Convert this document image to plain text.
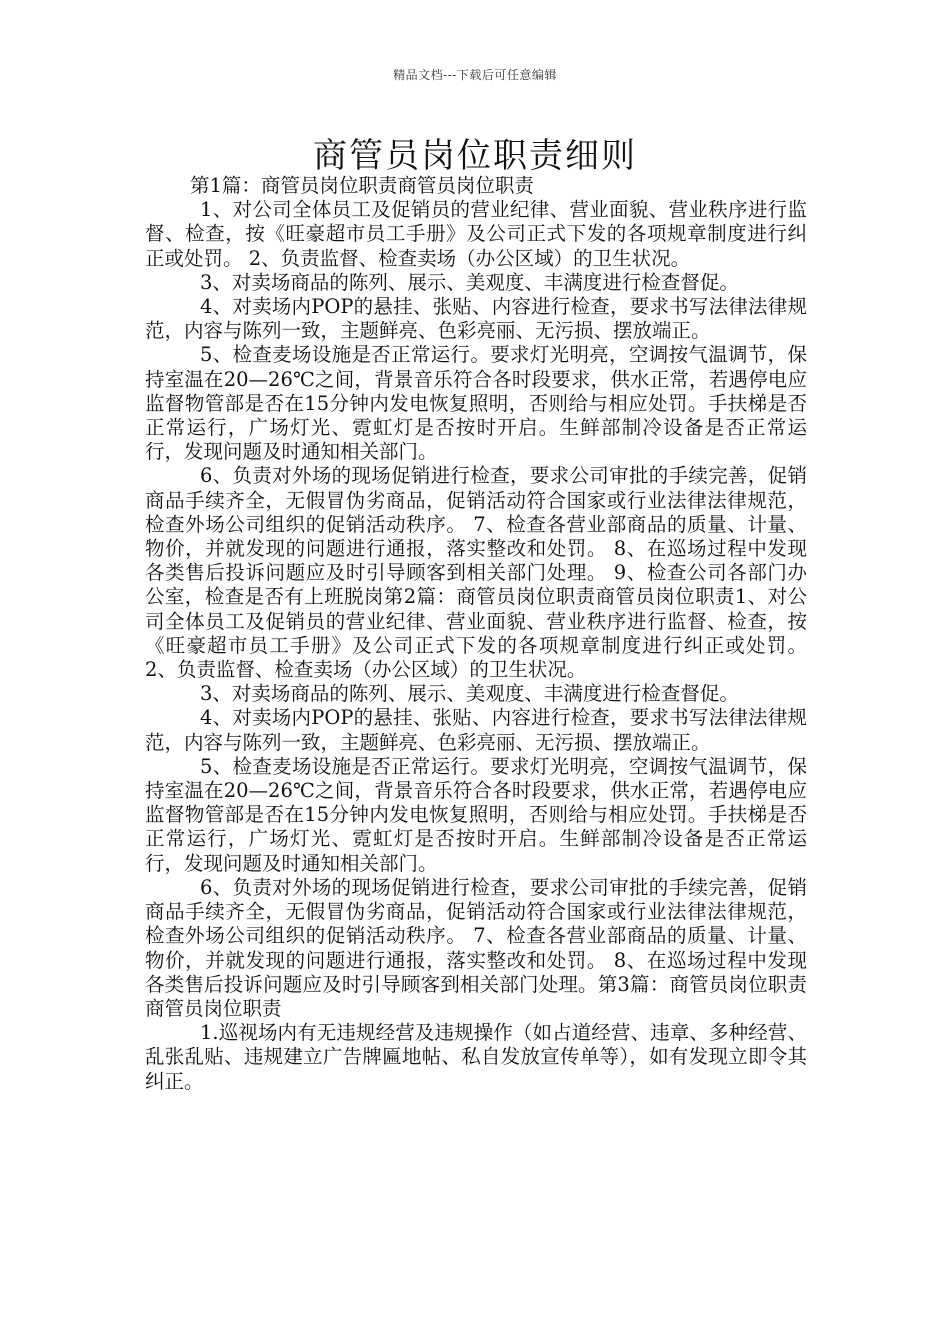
精品文档---下载后可任意编辑
商管员岗位职责细则

第1篇：商管员岗位职责商管员岗位职责

1、对公司全体员工及促销员的营业纪律、营业面貌、营业秩序进行监督、检查，按《旺豪超市员工手册》及公司正式下发的各项规章制度进行纠正或处罚。 2、负责监督、检查卖场（办公区域）的卫生状况。

3、对卖场商品的陈列、展示、美观度、丰满度进行检查督促。

4、对卖场内POP的悬挂、张贴、内容进行检查，要求书写法律法律规范，内容与陈列一致，主题鲜亮、色彩亮丽、无污损、摆放端正。

5、检查麦场设施是否正常运行。要求灯光明亮，空调按气温调节，保持室温在20—26℃之间，背景音乐符合各时段要求，供水正常，若遇停电应监督物管部是否在15分钟内发电恢复照明，否则给与相应处罚。手扶梯是否正常运行，广场灯光、霓虹灯是否按时开启。生鲜部制冷设备是否正常运行，发现问题及时通知相关部门。

6、负责对外场的现场促销进行检查，要求公司审批的手续完善，促销商品手续齐全，无假冒伪劣商品，促销活动符合国家或行业法律法律规范，检查外场公司组织的促销活动秩序。 7、检查各营业部商品的质量、计量、物价，并就发现的问题进行通报，落实整改和处罚。 8、在巡场过程中发现各类售后投诉问题应及时引导顾客到相关部门处理。 9、检查公司各部门办公室，检查是否有上班脱岗第2篇：商管员岗位职责商管员岗位职责1、对公司全体员工及促销员的营业纪律、营业面貌、营业秩序进行监督、检查，按《旺豪超市员工手册》及公司正式下发的各项规章制度进行纠正或处罚。 2、负责监督、检查卖场（办公区域）的卫生状况。

3、对卖场商品的陈列、展示、美观度、丰满度进行检查督促。

4、对卖场内POP的悬挂、张贴、内容进行检查，要求书写法律法律规范，内容与陈列一致，主题鲜亮、色彩亮丽、无污损、摆放端正。

5、检查麦场设施是否正常运行。要求灯光明亮，空调按气温调节，保持室温在20—26℃之间，背景音乐符合各时段要求，供水正常，若遇停电应监督物管部是否在15分钟内发电恢复照明，否则给与相应处罚。手扶梯是否正常运行，广场灯光、霓虹灯是否按时开启。生鲜部制冷设备是否正常运行，发现问题及时通知相关部门。

6、负责对外场的现场促销进行检查，要求公司审批的手续完善，促销商品手续齐全，无假冒伪劣商品，促销活动符合国家或行业法律法律规范，检查外场公司组织的促销活动秩序。 7、检查各营业部商品的质量、计量、物价，并就发现的问题进行通报，落实整改和处罚。 8、在巡场过程中发现各类售后投诉问题应及时引导顾客到相关部门处理。第3篇：商管员岗位职责商管员岗位职责

1.巡视场内有无违规经营及违规操作（如占道经营、违章、多种经营、乱张乱贴、违规建立广告牌匾地帖、私自发放宣传单等），如有发现立即令其纠正。
